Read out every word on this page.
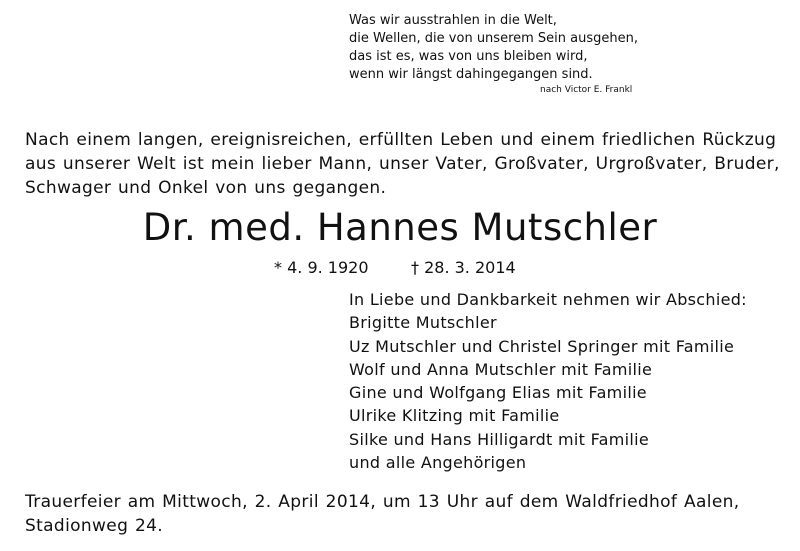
Was wir ausstrahlen in die Welt,
die Wellen, die von unserem Sein ausgehen,
das ist es, was von uns bleiben wird,
wenn wir längst dahingegangen sind.
nach Victor E. Frankl
Nach einem langen, ereignisreichen, erfüllten Leben und einem friedlichen Rückzug
aus unserer Welt ist mein lieber Mann, unser Vater, Großvater, Urgroßvater, Bruder,
Schwager und Onkel von uns gegangen.
Dr. med. Hannes Mutschler
* 4. 9. 1920	† 28. 3. 2014
In Liebe und Dankbarkeit nehmen wir Abschied:
Brigitte Mutschler
Uz Mutschler und Christel Springer mit Familie
Wolf und Anna Mutschler mit Familie
Gine und Wolfgang Elias mit Familie
Ulrike Klitzing mit Familie
Silke und Hans Hilligardt mit Familie
und alle Angehörigen
Trauerfeier am Mittwoch, 2. April 2014, um 13 Uhr auf dem Waldfriedhof Aalen,
Stadionweg 24.
